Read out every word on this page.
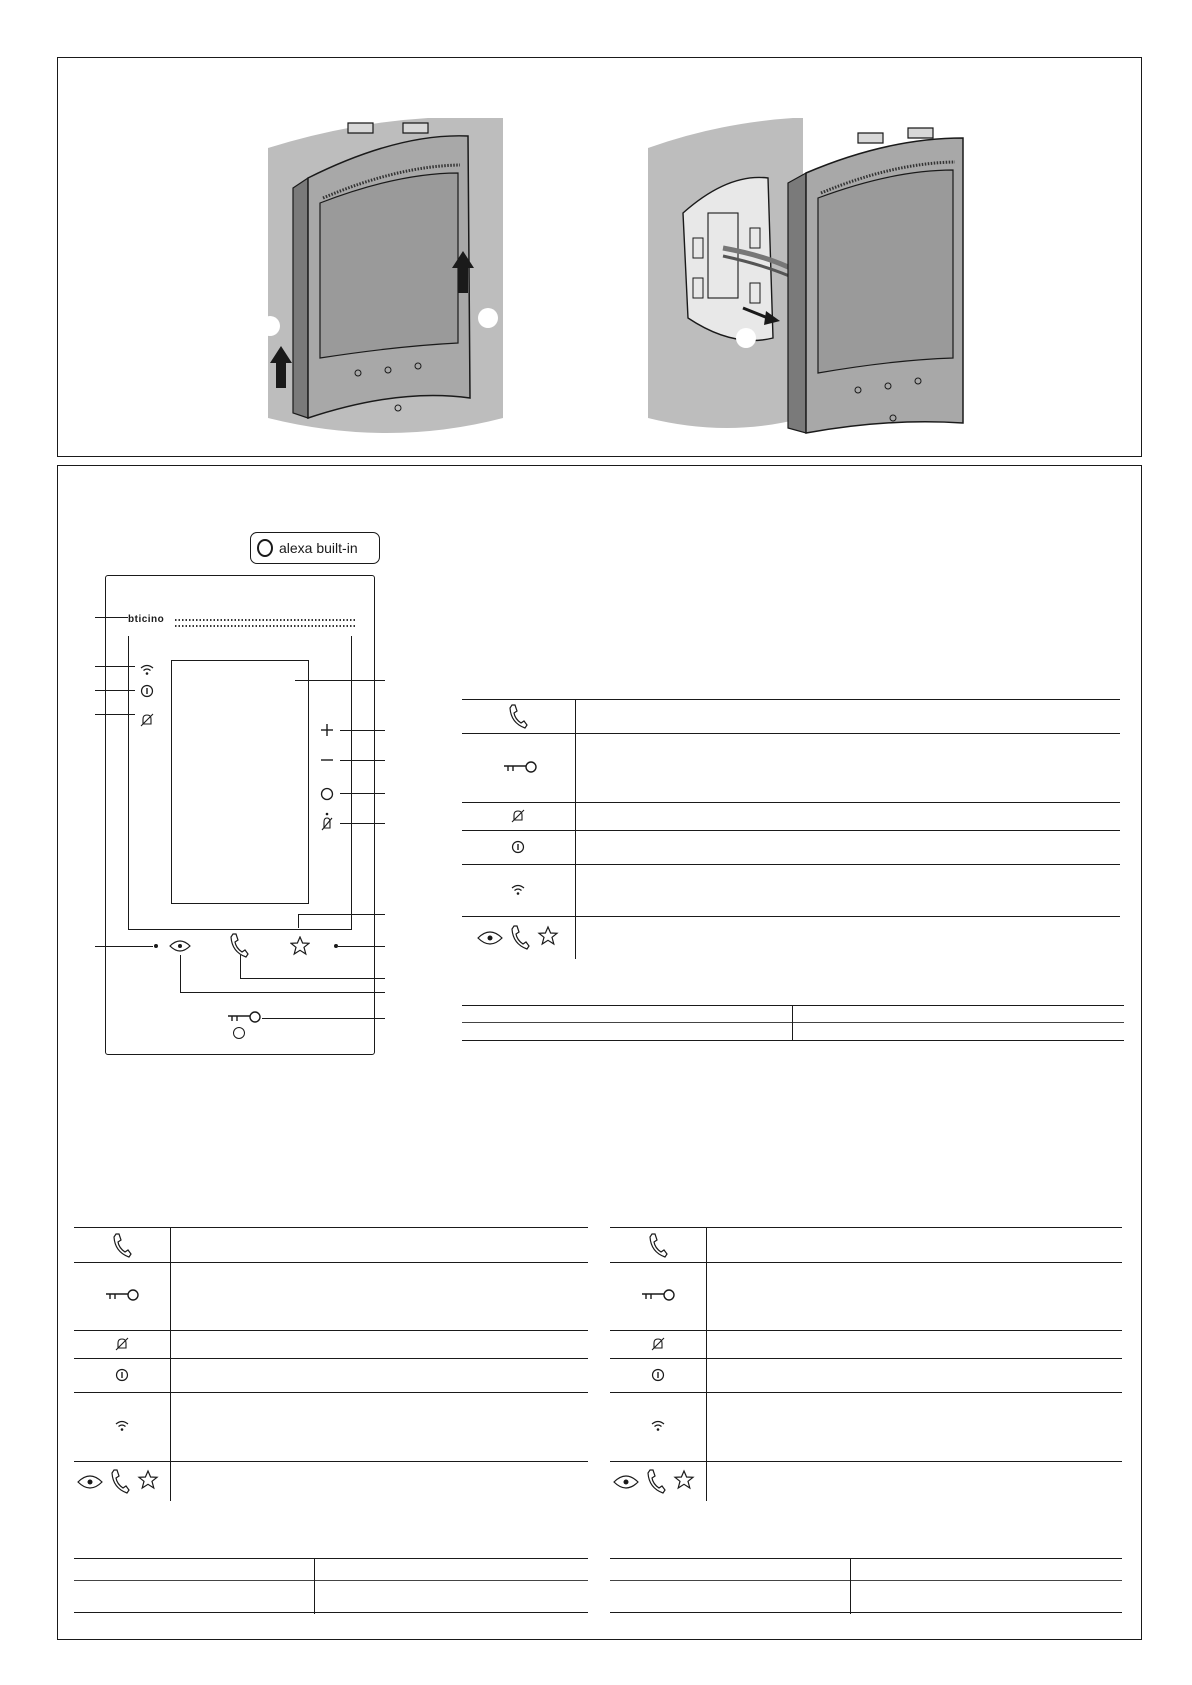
alexa built-in
bticino
